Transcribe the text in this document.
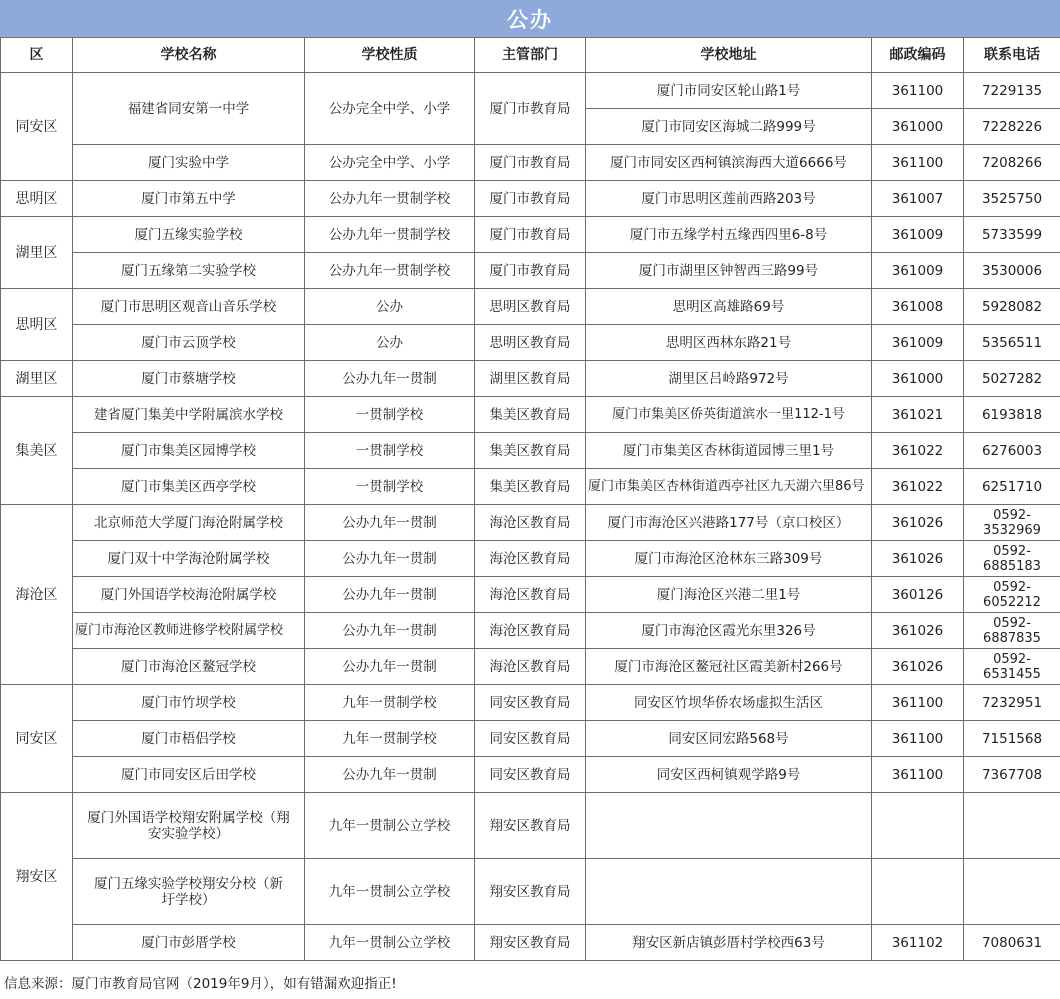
公办
区	学校名称	学校性质	主管部门	学校地址	邮政编码	联系电话
同安区	福建省同安第一中学	公办完全中学、小学	厦门市教育局	厦门市同安区轮山路1号	361100	7229135
				厦门市同安区海城二路999号	361000	7228226
	厦门实验中学	公办完全中学、小学	厦门市教育局	厦门市同安区西柯镇滨海西大道6666号	361100	7208266
思明区	厦门市第五中学	公办九年一贯制学校	厦门市教育局	厦门市思明区莲前西路203号	361007	3525750
湖里区	厦门五缘实验学校	公办九年一贯制学校	厦门市教育局	厦门市五缘学村五缘西四里6-8号	361009	5733599
	厦门五缘第二实验学校	公办九年一贯制学校	厦门市教育局	厦门市湖里区钟智西三路99号	361009	3530006
思明区	厦门市思明区观音山音乐学校	公办	思明区教育局	思明区高雄路69号	361008	5928082
	厦门市云顶学校	公办	思明区教育局	思明区西林东路21号	361009	5356511
湖里区	厦门市蔡塘学校	公办九年一贯制	湖里区教育局	湖里区吕岭路972号	361000	5027282
集美区	建省厦门集美中学附属滨水学校	一贯制学校	集美区教育局	厦门市集美区侨英街道滨水一里112-1号	361021	6193818
	厦门市集美区园博学校	一贯制学校	集美区教育局	厦门市集美区杏林街道园博三里1号	361022	6276003
	厦门市集美区西亭学校	一贯制学校	集美区教育局	厦门市集美区杏林街道西亭社区九天湖六里86号	361022	6251710
海沧区	北京师范大学厦门海沧附属学校	公办九年一贯制	海沧区教育局	厦门市海沧区兴港路177号（京口校区）	361026	0592-3532969
	厦门双十中学海沧附属学校	公办九年一贯制	海沧区教育局	厦门市海沧区沧林东三路309号	361026	0592-6885183
	厦门外国语学校海沧附属学校	公办九年一贯制	海沧区教育局	厦门海沧区兴港二里1号	360126	0592-6052212
	厦门市海沧区教师进修学校附属学校	公办九年一贯制	海沧区教育局	厦门市海沧区霞光东里326号	361026	0592-6887835
	厦门市海沧区鳌冠学校	公办九年一贯制	海沧区教育局	厦门市海沧区鳌冠社区霞美新村266号	361026	0592-6531455
同安区	厦门市竹坝学校	九年一贯制学校	同安区教育局	同安区竹坝华侨农场虚拟生活区	361100	7232951
	厦门市梧侣学校	九年一贯制学校	同安区教育局	同安区同宏路568号	361100	7151568
	厦门市同安区后田学校	公办九年一贯制	同安区教育局	同安区西柯镇观学路9号	361100	7367708
翔安区	厦门外国语学校翔安附属学校（翔安实验学校）	九年一贯制公立学校	翔安区教育局			
	厦门五缘实验学校翔安分校（新圩学校）	九年一贯制公立学校	翔安区教育局			
	厦门市彭厝学校	九年一贯制公立学校	翔安区教育局	翔安区新店镇彭厝村学校西63号	361102	7080631
信息来源：厦门市教育局官网（2019年9月），如有错漏欢迎指正!
